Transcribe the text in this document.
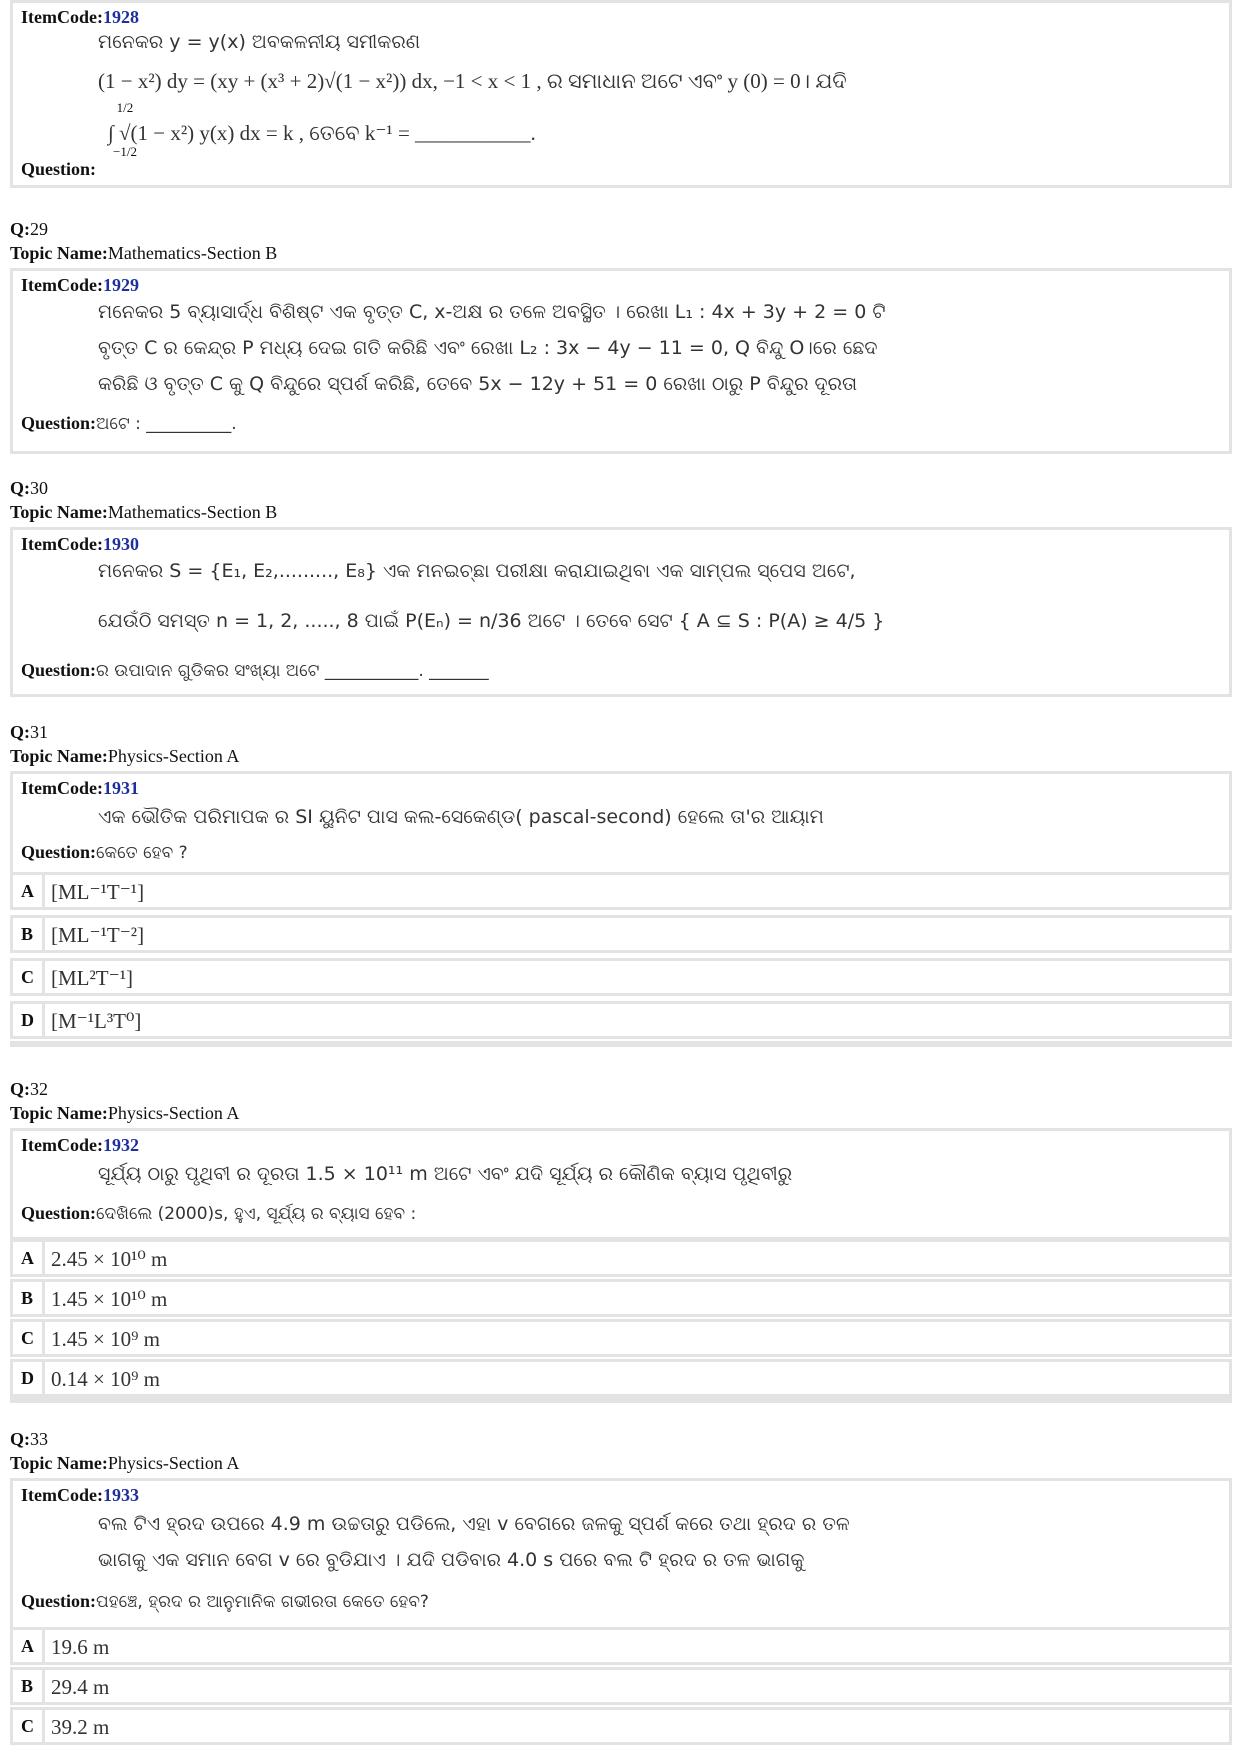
ItemCode:1928
ମନେକର y = y(x) ଅବକଳନୀୟ ସମୀକରଣ
(1 − x²) dy = (xy + (x³ + 2)√(1 − x²)) dx, −1 < x < 1 , ର ସମାଧାନ ଅଟେ ଏବଂ y (0) = 0। ଯଦି
1/2
−1/2
∫ √(1 − x²) y(x) dx = k , ତେବେ k⁻¹ = ___________.
Question:
Q:29
Topic Name:Mathematics-Section B
ItemCode:1929
ମନେକର 5 ବ୍ୟାସାର୍ଦ୍ଧ ବିଶିଷ୍ଟ ଏକ ବୃତ୍ତ C, x-ଅକ୍ଷ ର ତଳେ ଅବସ୍ଥିତ । ରେଖା L₁ : 4x + 3y + 2 = 0 ଟି
ବୃତ୍ତ C ର କେନ୍ଦ୍ର P ମଧ୍ୟ ଦେଇ ଗତି କରିଛି ଏବଂ ରେଖା L₂ : 3x − 4y − 11 = 0, Q ବିନ୍ଦୁ O।ରେ ଛେଦ
କରିଛି ଓ ବୃତ୍ତ C କୁ Q ବିନ୍ଦୁରେ ସ୍ପର୍ଶ କରିଛି, ତେବେ 5x − 12y + 51 = 0 ରେଖା ଠାରୁ P ବିନ୍ଦୁର ଦୂରତା
Question:ଅଟେ : __________.
Q:30
Topic Name:Mathematics-Section B
ItemCode:1930
ମନେକର S = {E₁, E₂,........., E₈} ଏକ ମନଇଚ୍ଛା ପରୀକ୍ଷା କରାଯାଇଥିବା ଏକ ସାମ୍ପଲ ସ୍ପେସ ଅଟେ,
ଯେଉଁଠି ସମସ୍ତ n = 1, 2, ....., 8 ପାଇଁ P(Eₙ) = n/36 ଅଟେ । ତେବେ ସେଟ { A ⊆ S : P(A) ≥ 4/5 }
Question:ର ଉପାଦାନ ଗୁଡିକର ସଂଖ୍ୟା ଅଟେ ___________. _______
Q:31
Topic Name:Physics-Section A
ItemCode:1931
ଏକ ଭୌତିକ ପରିମାପକ ର SI ୟୁନିଟ ପାସ କଲ-ସେକେଣ୍ଡ( pascal-second) ହେଲେ ତା'ର ଆୟାମ
Question:କେତେ ହେବ ?
A [ML⁻¹T⁻¹]
B [ML⁻¹T⁻²]
C [ML²T⁻¹]
D [M⁻¹L³T⁰]
Q:32
Topic Name:Physics-Section A
ItemCode:1932
ସୂର୍ଯ୍ୟ ଠାରୁ ପୃଥିବୀ ର ଦୂରତା 1.5 × 10¹¹ m ଅଟେ ଏବଂ ଯଦି ସୂର୍ଯ୍ୟ ର କୌଣିକ ବ୍ୟାସ ପୃଥିବୀରୁ
Question:ଦେଖିଲେ (2000)s, ହୁଏ, ସୂର୍ଯ୍ୟ ର ବ୍ୟାସ ହେବ :
A 2.45 × 10¹⁰ m
B 1.45 × 10¹⁰ m
C 1.45 × 10⁹ m
D 0.14 × 10⁹ m
Q:33
Topic Name:Physics-Section A
ItemCode:1933
ବଲ ଟିଏ ହ୍ରଦ ଉପରେ 4.9 m ଉଚ୍ଚତାରୁ ପଡିଲେ, ଏହା v ବେଗରେ ଜଳକୁ ସ୍ପର୍ଶ କରେ ତଥା ହ୍ରଦ ର ତଳ
ଭାଗକୁ ଏକ ସମାନ ବେଗ v ରେ ବୁଡିଯାଏ । ଯଦି ପଡିବାର 4.0 s ପରେ ବଲ ଟି ହ୍ରଦ ର ତଳ ଭାଗକୁ
Question:ପହଞ୍ଚେ, ହ୍ରଦ ର ଆନୁମାନିକ ଗଭୀରତା କେତେ ହେବ?
A 19.6 m
B 29.4 m
C 39.2 m
